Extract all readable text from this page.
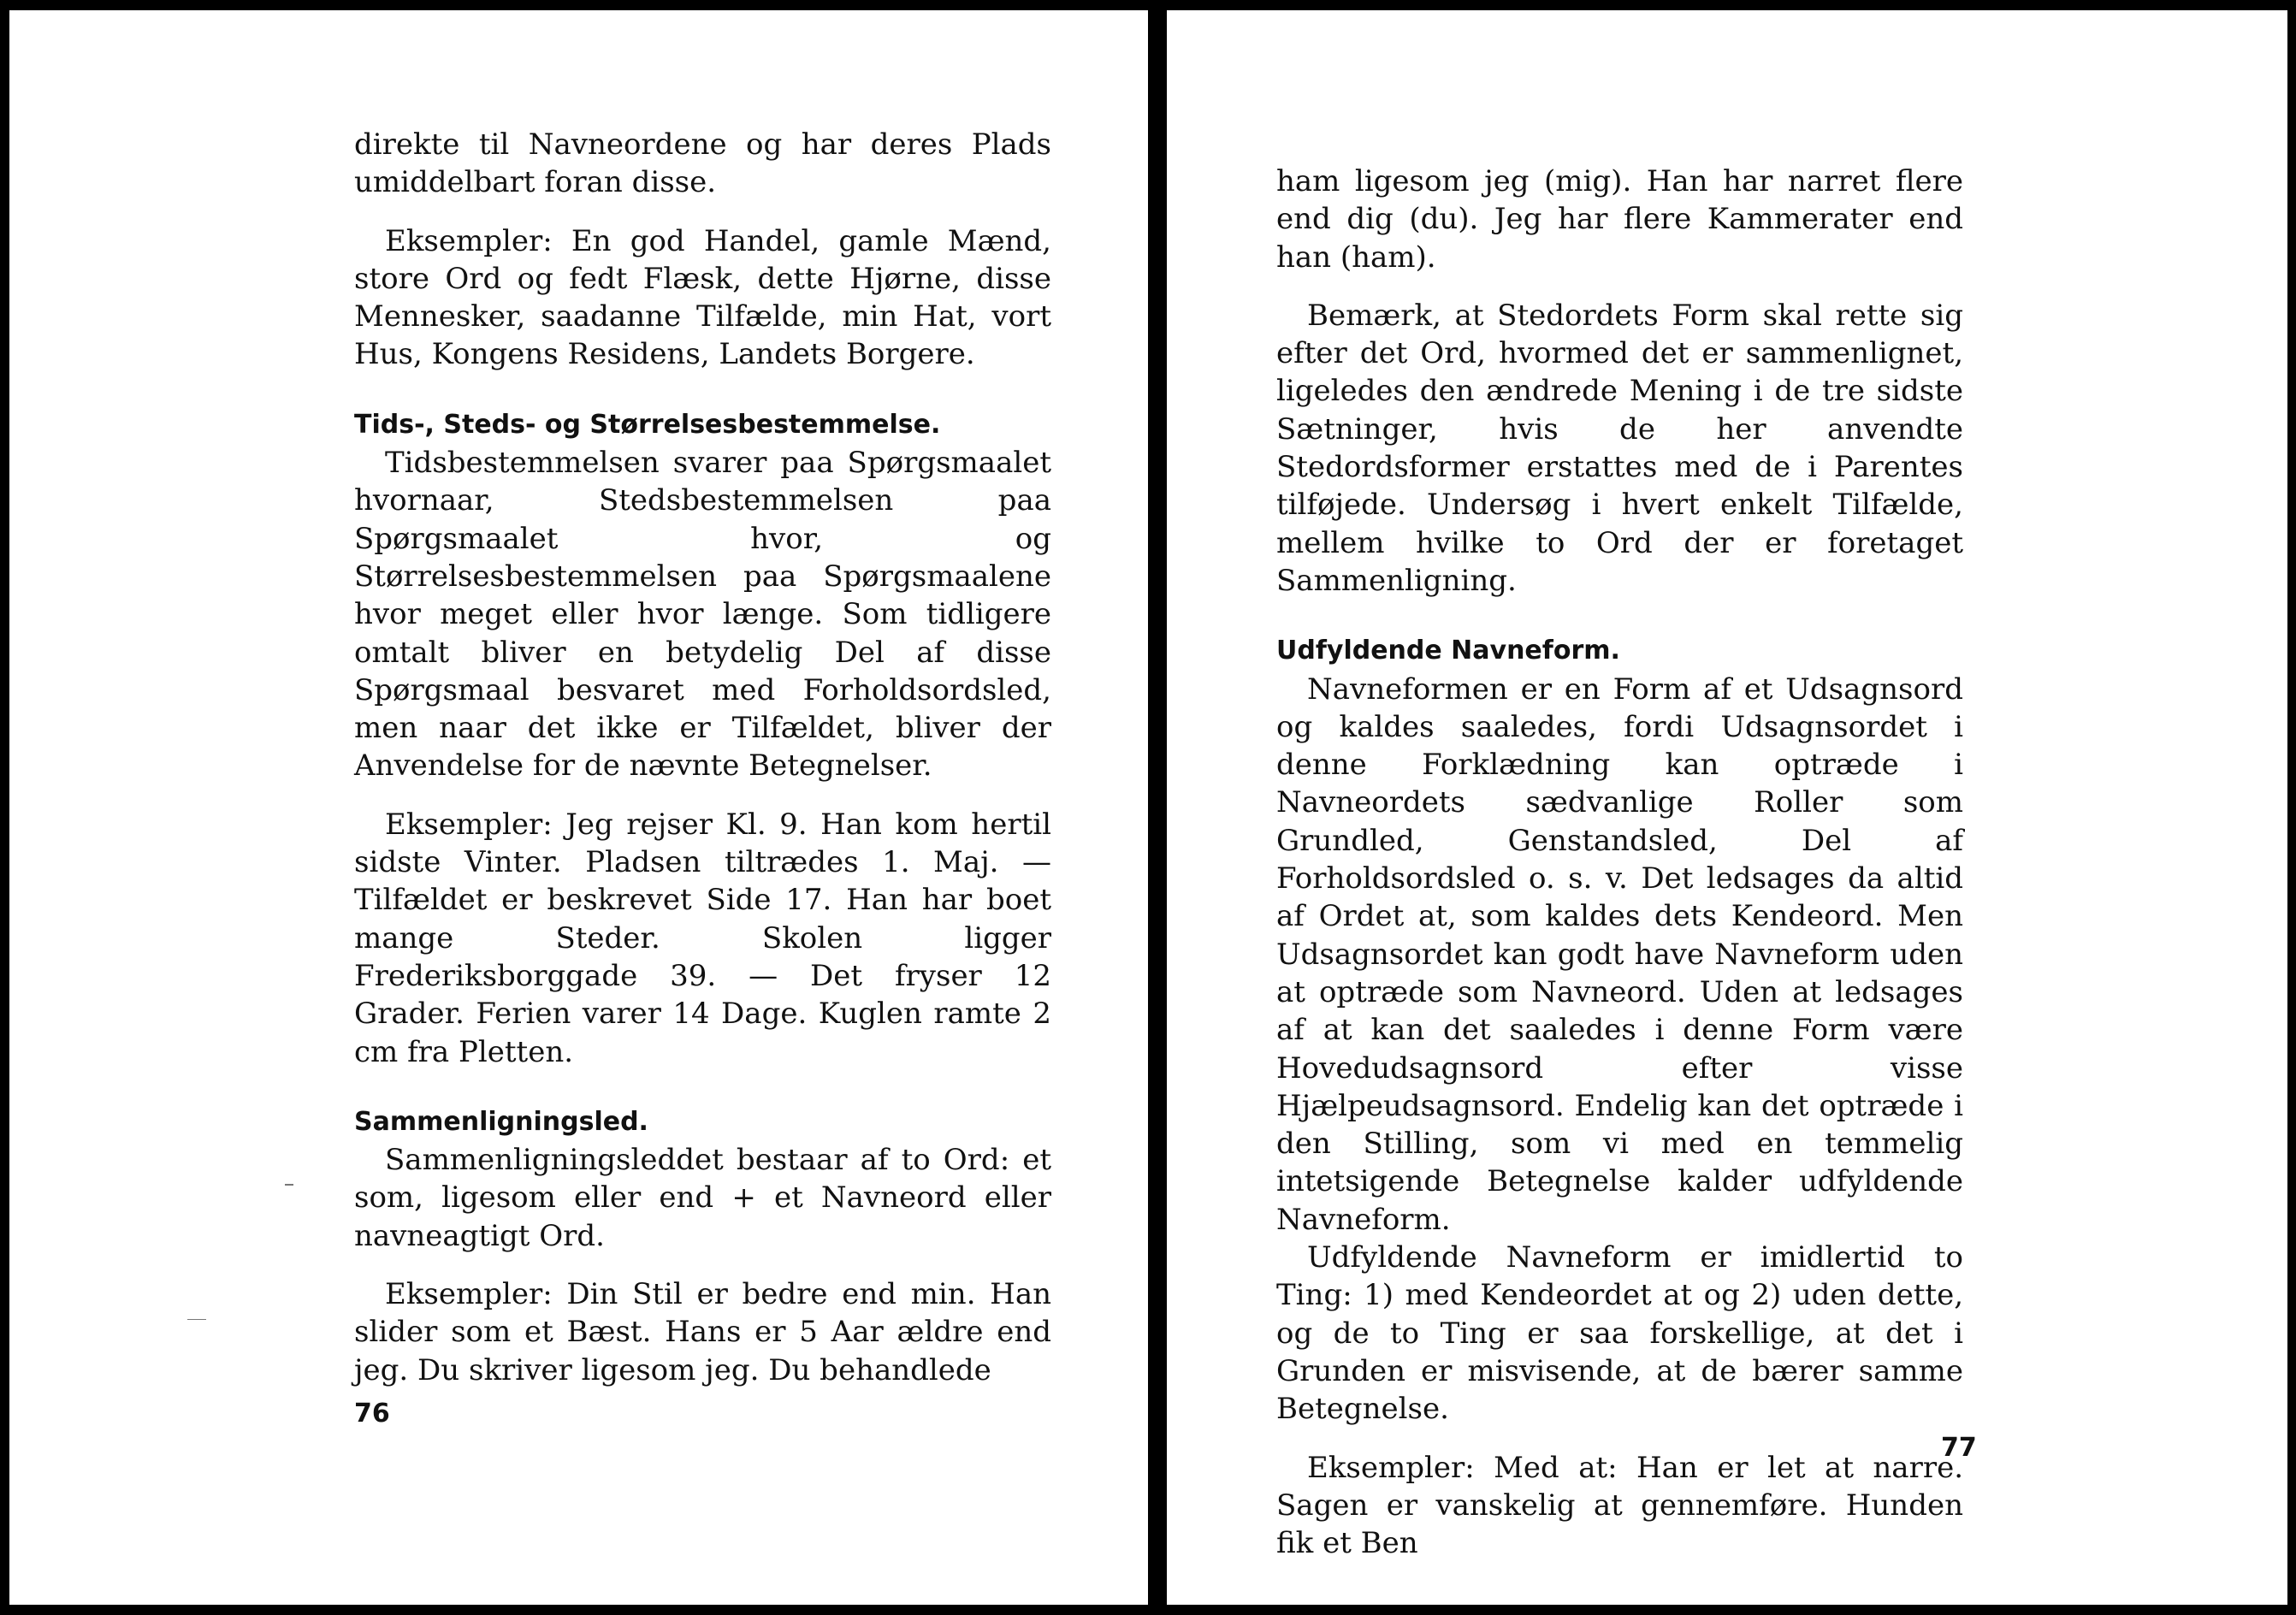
direkte til Navneordene og har deres Plads umiddelbart foran disse.

Eksempler: En god Handel, gamle Mænd, store Ord og fedt Flæsk, dette Hjørne, disse Mennesker, saadanne Tilfælde, min Hat, vort Hus, Kongens Residens, Landets Borgere.

Tids-, Steds- og Størrelsesbestemmelse.

Tidsbestemmelsen svarer paa Spørgsmaalet hvornaar, Stedsbestemmelsen paa Spørgsmaalet hvor, og Størrelsesbestemmelsen paa Spørgsmaalene hvor meget eller hvor længe. Som tidligere omtalt bliver en betydelig Del af disse Spørgsmaal besvaret med Forholdsordsled, men naar det ikke er Tilfældet, bliver der Anvendelse for de nævnte Betegnelser.

Eksempler: Jeg rejser Kl. 9. Han kom hertil sidste Vinter. Pladsen tiltrædes 1. Maj. — Tilfældet er beskrevet Side 17. Han har boet mange Steder. Skolen ligger Frederiksborggade 39. — Det fryser 12 Grader. Ferien varer 14 Dage. Kuglen ramte 2 cm fra Pletten.

Sammenligningsled.

Sammenligningsleddet bestaar af to Ord: et som, ligesom eller end + et Navneord eller navneagtigt Ord.

Eksempler: Din Stil er bedre end min. Han slider som et Bæst. Hans er 5 Aar ældre end jeg. Du skriver ligesom jeg. Du behandlede

76

ham ligesom jeg (mig). Han har narret flere end dig (du). Jeg har flere Kammerater end han (ham).

Bemærk, at Stedordets Form skal rette sig efter det Ord, hvormed det er sammenlignet, ligeledes den ændrede Mening i de tre sidste Sætninger, hvis de her anvendte Stedordsformer erstattes med de i Parentes tilføjede. Undersøg i hvert enkelt Tilfælde, mellem hvilke to Ord der er foretaget Sammenligning.

Udfyldende Navneform.

Navneformen er en Form af et Udsagnsord og kaldes saaledes, fordi Udsagnsordet i denne Forklædning kan optræde i Navneordets sædvanlige Roller som Grundled, Genstandsled, Del af Forholdsordsled o. s. v. Det ledsages da altid af Ordet at, som kaldes dets Kendeord. Men Udsagnsordet kan godt have Navneform uden at optræde som Navneord. Uden at ledsages af at kan det saaledes i denne Form være Hovedudsagnsord efter visse Hjælpeudsagnsord. Endelig kan det optræde i den Stilling, som vi med en temmelig intetsigende Betegnelse kalder udfyldende Navneform.

Udfyldende Navneform er imidlertid to Ting: 1) med Kendeordet at og 2) uden dette, og de to Ting er saa forskellige, at det i Grunden er misvisende, at de bærer samme Betegnelse.

Eksempler: Med at: Han er let at narre. Sagen er vanskelig at gennemføre. Hunden fik et Ben

77
